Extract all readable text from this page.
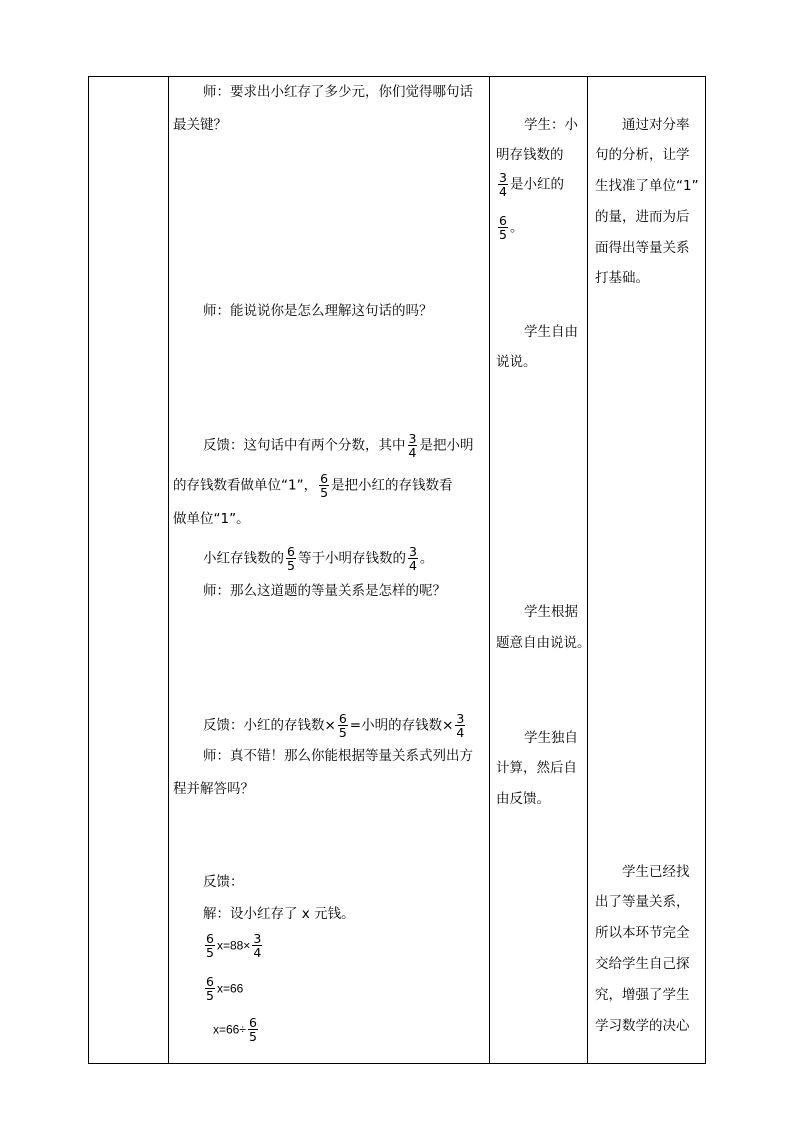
师：要求出小红存了多少元，你们觉得哪句话
最关键？
师：能说说你是怎么理解这句话的吗？
反馈：这句话中有两个分数，其中 $\frac{3}{4}$ 是把小明
的存钱数看做单位“1”， $\frac{6}{5}$ 是把小红的存钱数看
做单位“1”。
小红存钱数的 $\frac{6}{5}$ 等于小明存钱数的 $\frac{3}{4}$ 。
师：那么这道题的等量关系是怎样的呢？
反馈：小红的存钱数× $\frac{6}{5}$ =小明的存钱数× $\frac{3}{4}$
师：真不错！那么你能根据等量关系式列出方
程并解答吗？
反馈：
解：设小红存了 x 元钱。
$\frac{6}{5} x=88\times \frac{3}{4}$
$\frac{6}{5} x=66$
$x=66\div \frac{6}{5}$
学生：小
明存钱数的
$\frac{3}{4}$ 是小红的
$\frac{6}{5}$ 。
学生自由
说说。
学生根据
题意自由说说。
学生独自
计算，然后自
由反馈。
通过对分率
句的分析，让学
生找准了单位“1”
的量，进而为后
面得出等量关系
打基础。
学生已经找
出了等量关系，
所以本环节完全
交给学生自己探
究，增强了学生
学习数学的决心
